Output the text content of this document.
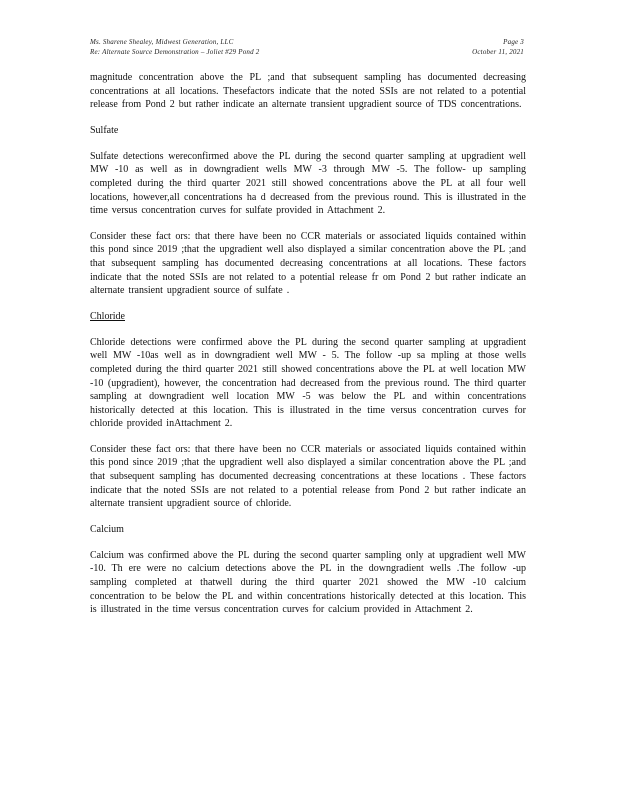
Ms. Sharene Shealey, Midwest Generation, LLC	Page 3
Re: Alternate Source Demonstration – Joliet #29 Pond 2	October 11, 2021

magnitude concentration above the PL ;and that subsequent sampling has documented decreasing concentrations at all locations. Thesefactors indicate that the noted SSIs are not related to a potential release from Pond 2 but rather indicate an alternate transient upgradient source of TDS concentrations.

Sulfate

Sulfate detections wereconfirmed above the PL during the second quarter sampling at upgradient well MW -10 as well as in downgradient wells MW -3 through MW -5. The follow- up sampling completed during the third quarter 2021 still showed concentrations above the PL at all four well locations, however,all concentrations ha d decreased from the previous round. This is illustrated in the time versus concentration curves for sulfate provided in Attachment 2.

Consider these fact ors: that there have been no CCR materials or associated liquids contained within this pond since 2019 ;that the upgradient well also displayed a similar concentration above the PL ;and that subsequent sampling has documented decreasing concentrations at all locations. These factors indicate that the noted SSIs are not related to a potential release fr om Pond 2 but rather indicate an alternate transient upgradient source of sulfate .

Chloride

Chloride detections were confirmed above the PL during the second quarter sampling at upgradient well MW -10as well as in downgradient well MW - 5. The follow -up sa mpling at those wells completed during the third quarter 2021 still showed concentrations above the PL at well location MW -10 (upgradient), however, the concentration had decreased from the previous round. The third quarter sampling at downgradient well location MW -5 was below the PL and within concentrations historically detected at this location. This is illustrated in the time versus concentration curves for chloride provided inAttachment 2.

Consider these fact ors: that there have been no CCR materials or associated liquids contained within this pond since 2019 ;that the upgradient well also displayed a similar concentration above the PL ;and that subsequent sampling has documented decreasing concentrations at these locations . These factors indicate that the noted SSIs are not related to a potential release from Pond 2 but rather indicate an alternate transient upgradient source of chloride.

Calcium

Calcium was confirmed above the PL during the second quarter sampling only at upgradient well MW -10. Th ere were no calcium detections above the PL in the downgradient wells .The follow -up sampling completed at thatwell during the third quarter 2021 showed the MW -10 calcium concentration to be below the PL and within concentrations historically detected at this location. This is illustrated in the time versus concentration curves for calcium provided in Attachment 2.
